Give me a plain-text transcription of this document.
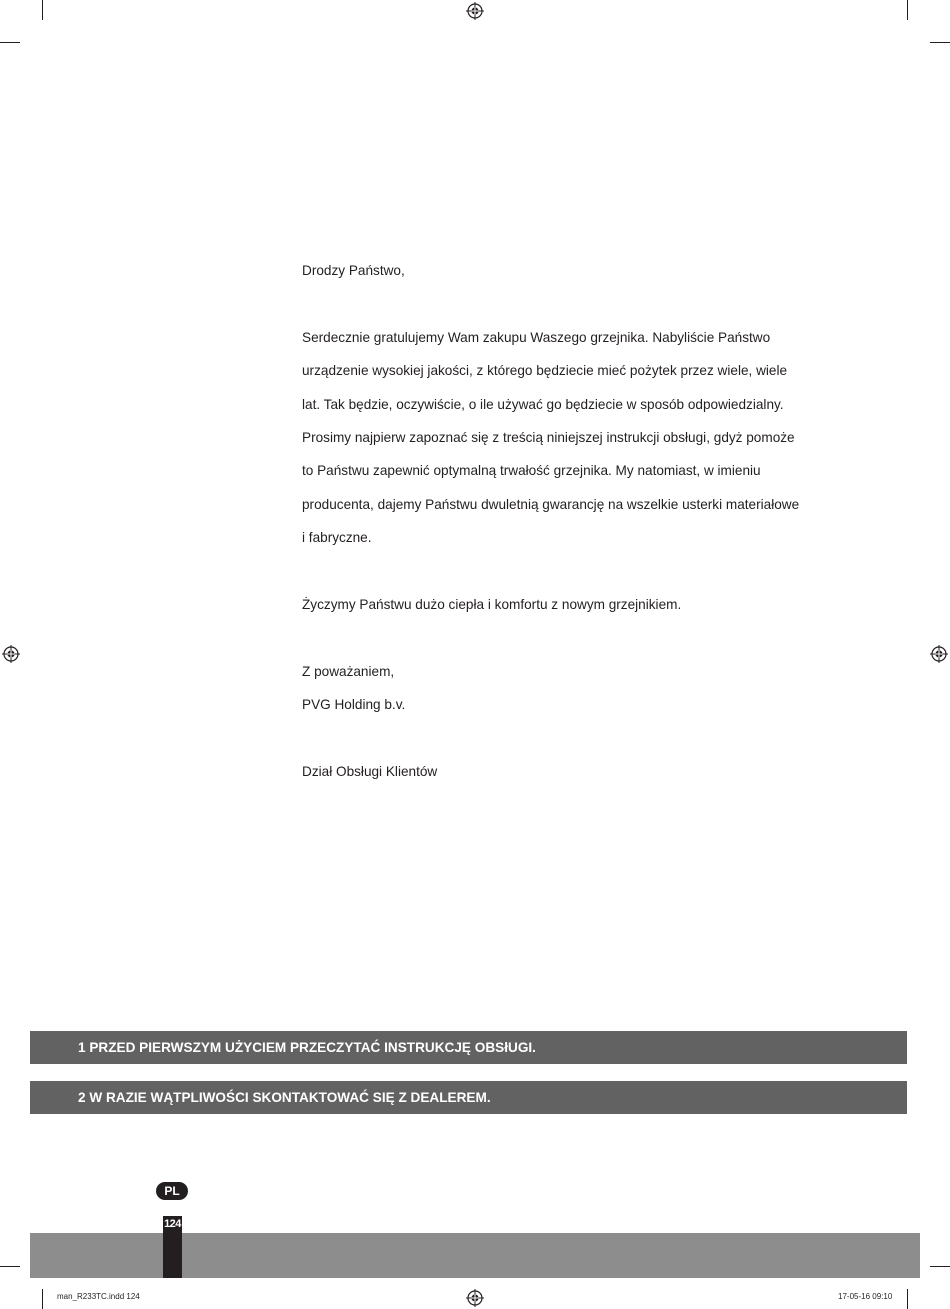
Drodzy Państwo,

Serdecznie gratulujemy Wam zakupu Waszego grzejnika. Nabyliście Państwo

urządzenie wysokiej jakości, z którego będziecie mieć pożytek przez wiele, wiele

lat. Tak będzie, oczywiście, o ile używać go będziecie w sposób odpowiedzialny.

Prosimy najpierw zapoznać się z treścią niniejszej instrukcji obsługi, gdyż pomoże

to Państwu zapewnić optymalną trwałość grzejnika. My natomiast, w imieniu

producenta, dajemy Państwu dwuletnią gwarancję na wszelkie usterki materiałowe

i fabryczne.

Życzymy Państwu dużo ciepła i komfortu z nowym grzejnikiem.

Z poważaniem,

PVG Holding b.v.

Dział Obsługi Klientów

1 PRZED PIERWSZYM UŻYCIEM PRZECZYTAĆ INSTRUKCJĘ OBSłUGI.
2 W RAZIE WĄTPLIWOŚCI SKONTAKTOWAĆ SIĘ Z DEALEREM.
PL
124
man_R233TC.indd 124	17-05-16 09:10
